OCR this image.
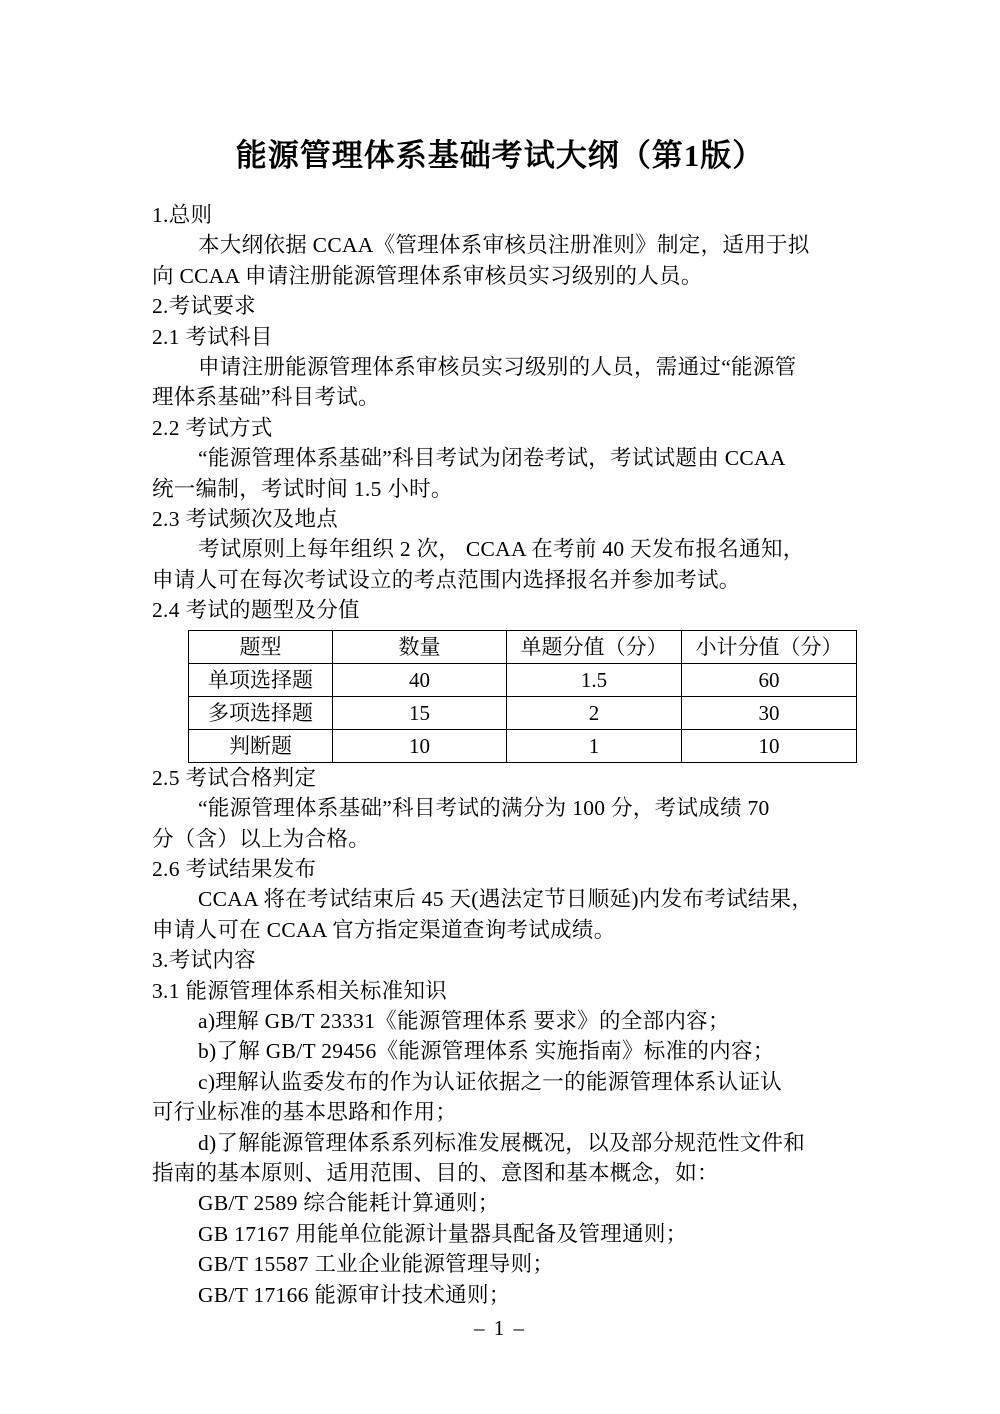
能源管理体系基础考试大纲（第1版）

1.总则

本大纲依据 CCAA《管理体系审核员注册准则》制定，适用于拟

向 CCAA 申请注册能源管理体系审核员实习级别的人员。

2.考试要求

2.1 考试科目

申请注册能源管理体系审核员实习级别的人员，需通过“能源管

理体系基础”科目考试。

2.2 考试方式

“能源管理体系基础”科目考试为闭卷考试，考试试题由 CCAA

统一编制，考试时间 1.5 小时。

2.3 考试频次及地点

考试原则上每年组织 2 次， CCAA 在考前 40 天发布报名通知，

申请人可在每次考试设立的考点范围内选择报名并参加考试。

2.4 考试的题型及分值

题型	数量	单题分值（分）	小计分值（分）
单项选择题	40	1.5	60
多项选择题	15	2	30
判断题	10	1	10

2.5 考试合格判定

“能源管理体系基础”科目考试的满分为 100 分，考试成绩 70

分（含）以上为合格。

2.6 考试结果发布

CCAA 将在考试结束后 45 天(遇法定节日顺延)内发布考试结果，

申请人可在 CCAA 官方指定渠道查询考试成绩。

3.考试内容

3.1 能源管理体系相关标准知识

a)理解 GB/T 23331《能源管理体系 要求》的全部内容；

b)了解 GB/T 29456《能源管理体系 实施指南》标准的内容；

c)理解认监委发布的作为认证依据之一的能源管理体系认证认

可行业标准的基本思路和作用；

d)了解能源管理体系系列标准发展概况，以及部分规范性文件和

指南的基本原则、适用范围、目的、意图和基本概念，如：

GB/T 2589 综合能耗计算通则；

GB 17167 用能单位能源计量器具配备及管理通则；

GB/T 15587 工业企业能源管理导则；

GB/T 17166 能源审计技术通则；

– 1 –
